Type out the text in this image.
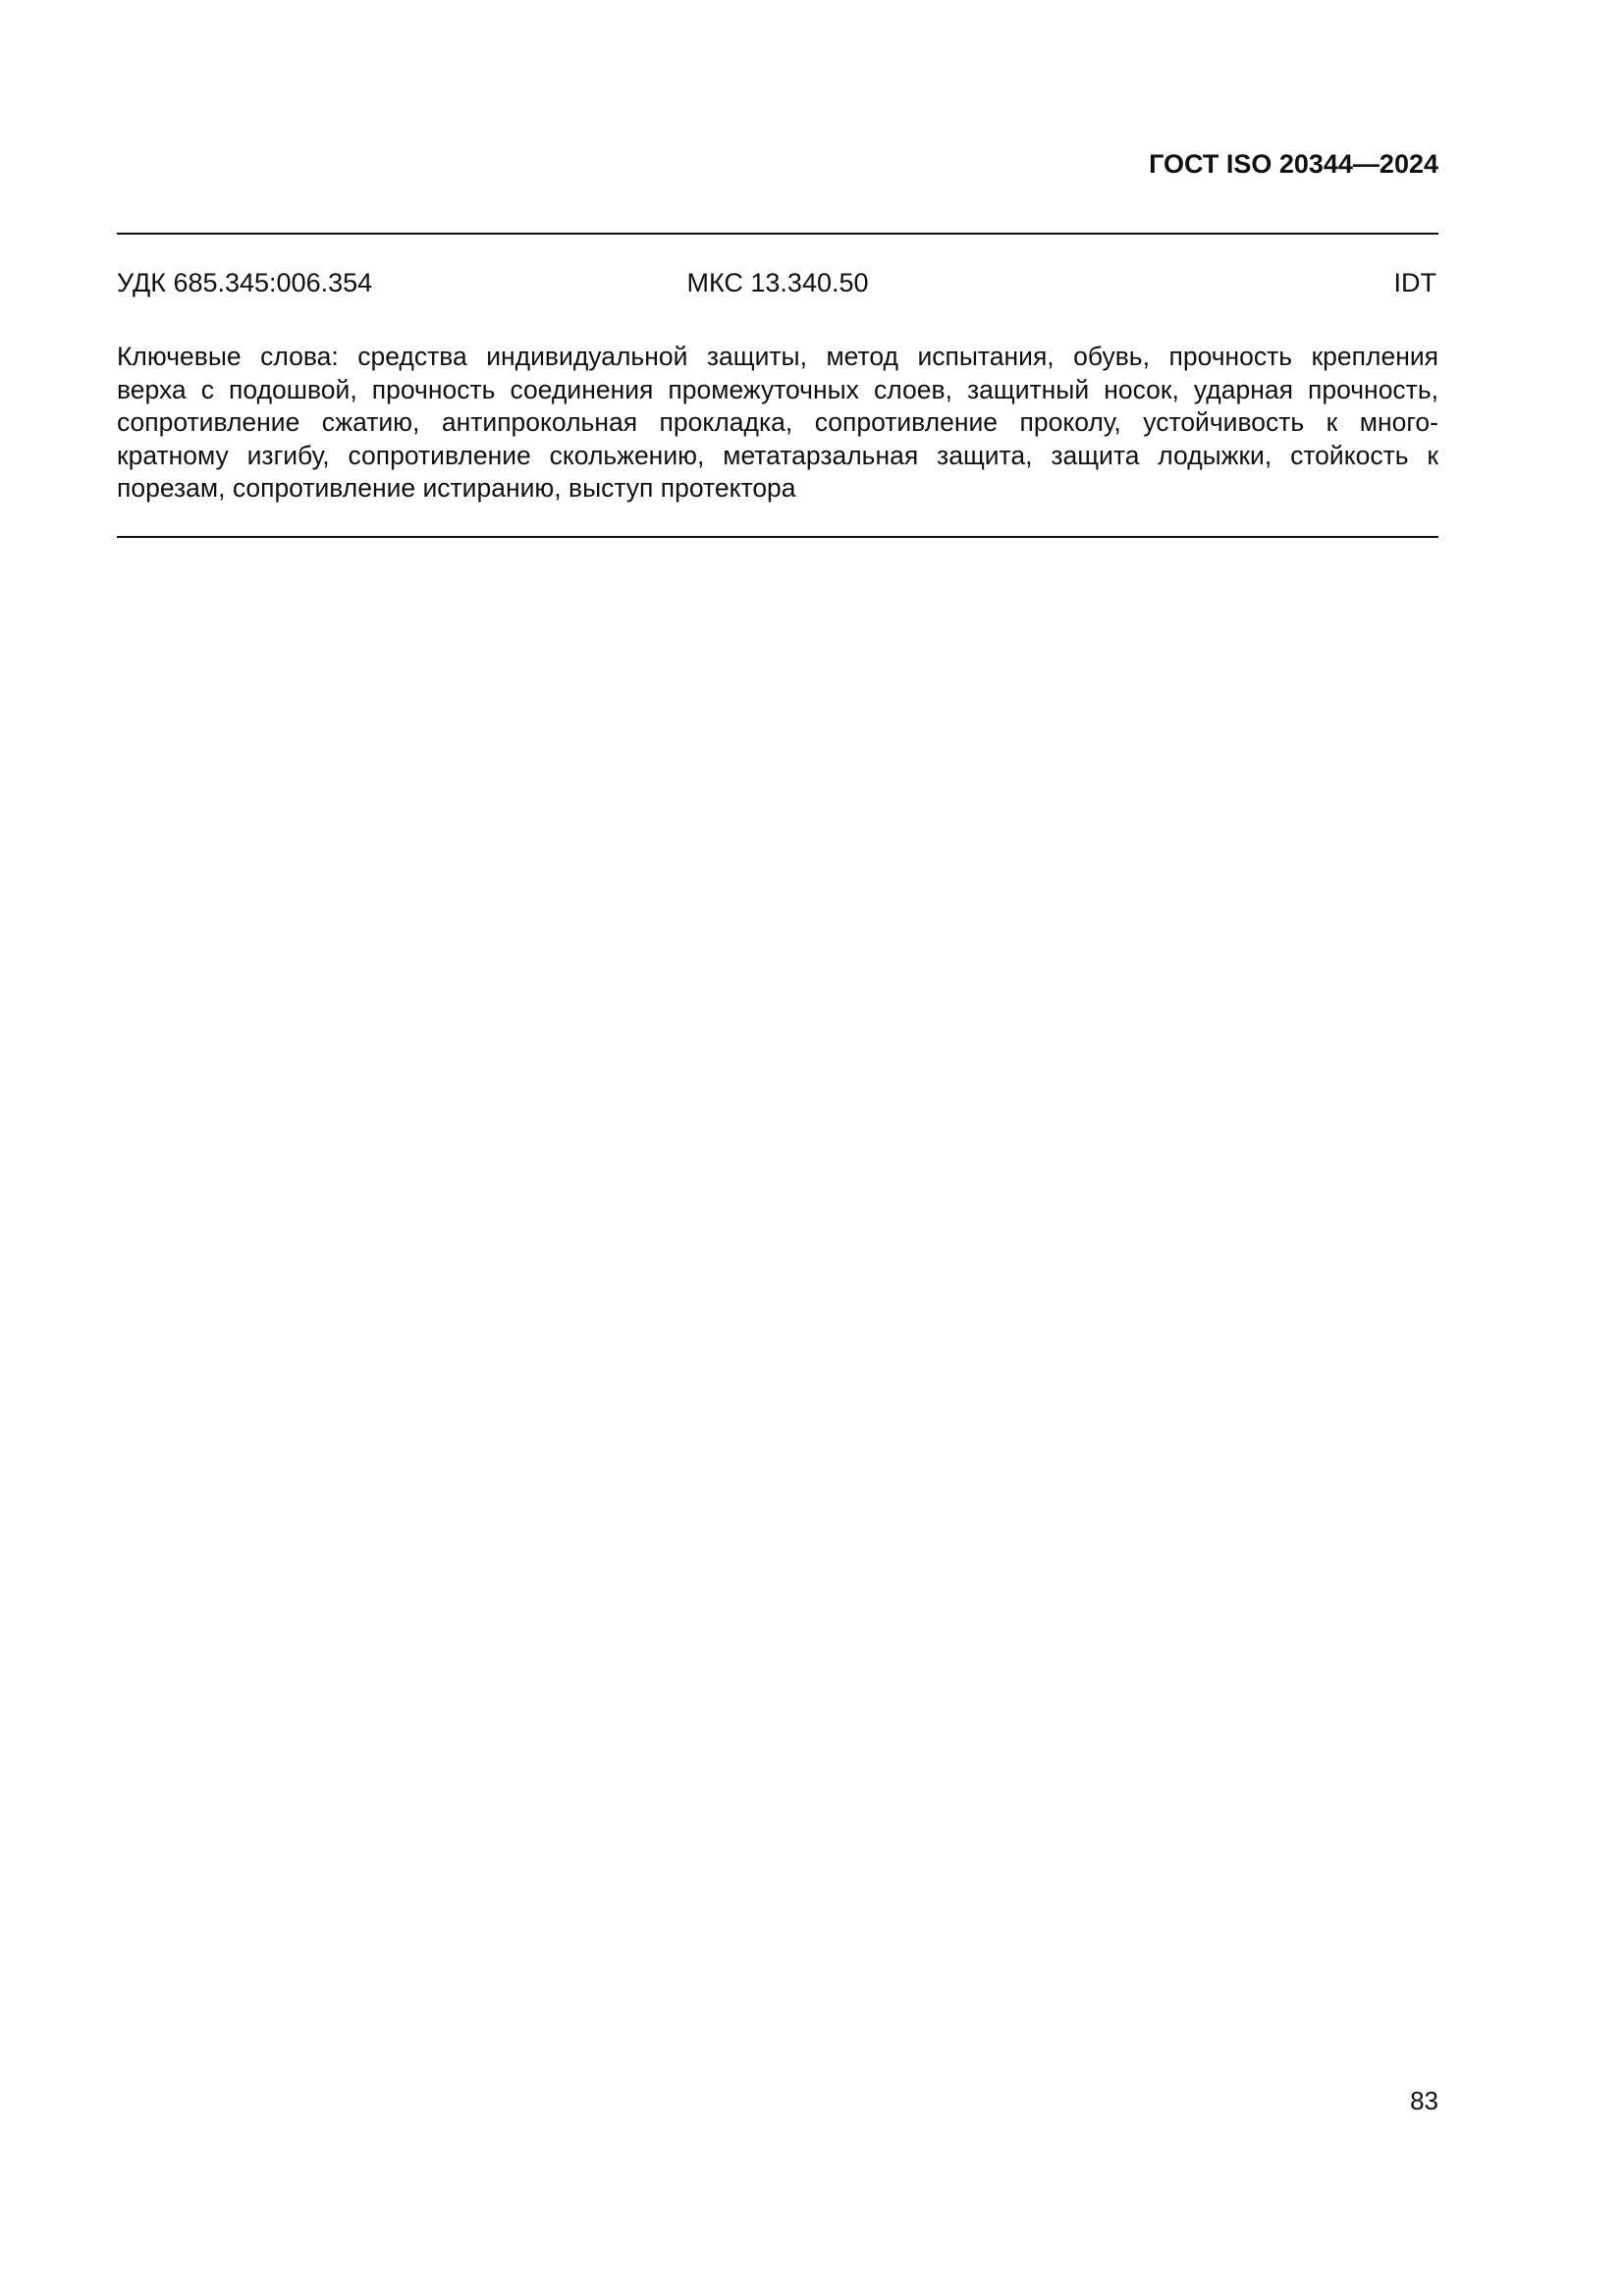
ГОСТ ISO 20344—2024
УДК 685.345:006.354	МКС 13.340.50	IDT

Ключевые слова: средства индивидуальной защиты, метод испытания, обувь, прочность крепления
верха с подошвой, прочность соединения промежуточных слоев, защитный носок, ударная прочность,
сопротивление сжатию, антипрокольная прокладка, сопротивление проколу, устойчивость к много-
кратному изгибу, сопротивление скольжению, метатарзальная защита, защита лодыжки, стойкость к
порезам, сопротивление истиранию, выступ протектора

83
